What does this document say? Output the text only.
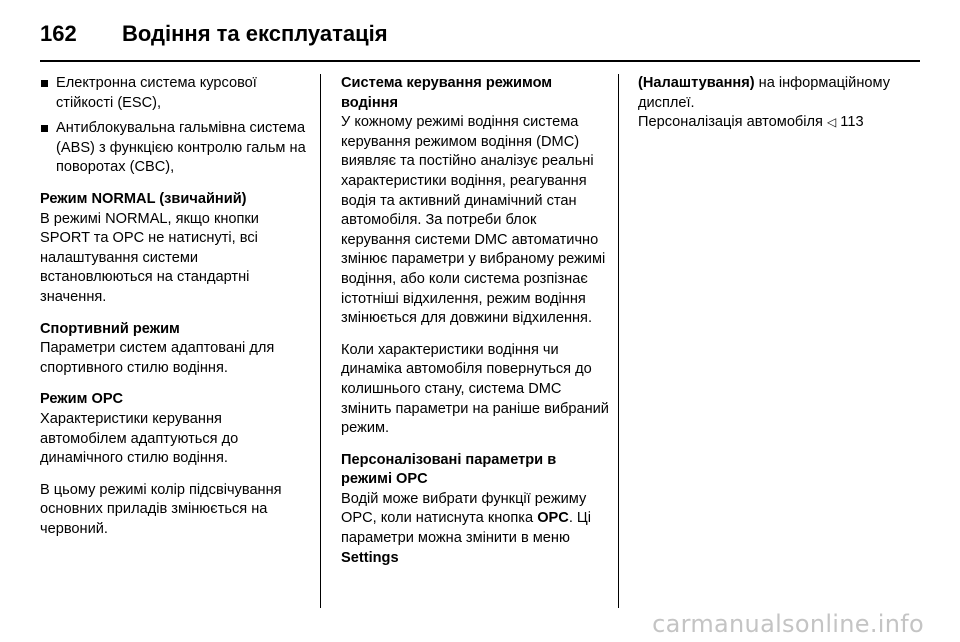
162	Водіння та експлуатація
Електронна система курсової стійкості (ESC),
Антиблокувальна гальмівна система (ABS) з функцією контролю гальм на поворотах (CBC),
Режим NORMAL (звичайний)

В режимі NORMAL, якщо кнопки SPORT та OPC не натиснуті, всі налаштування системи встановлюються на стандартні значення.

Спортивний режим

Параметри систем адаптовані для спортивного стилю водіння.

Режим OPC

Характеристики керування автомобілем адаптуються до динамічного стилю водіння.

В цьому режимі колір підсвічування основних приладів змінюється на червоний.

Система керування режимом водіння

У кожному режимі водіння система керування режимом водіння (DMC) виявляє та постійно аналізує реальні характеристики водіння, реагування водія та активний динамічний стан автомобіля. За потреби блок керування системи DMC автоматично змінює параметри у вибраному режимі водіння, або коли система розпізнає істотніші відхилення, режим водіння змінюється для довжини відхилення.

Коли характеристики водіння чи динаміка автомобіля повернуться до колишнього стану, система DMC змінить параметри на раніше вибраний режим.

Персоналізовані параметри в режимі OPC

Водій може вибрати функції режиму OPC, коли натиснута кнопка OPC. Ці параметри можна змінити в меню Settings

(Налаштування) на інформаційному дисплеї.
Персоналізація автомобіля ◁ 113

carmanualsonline.info
